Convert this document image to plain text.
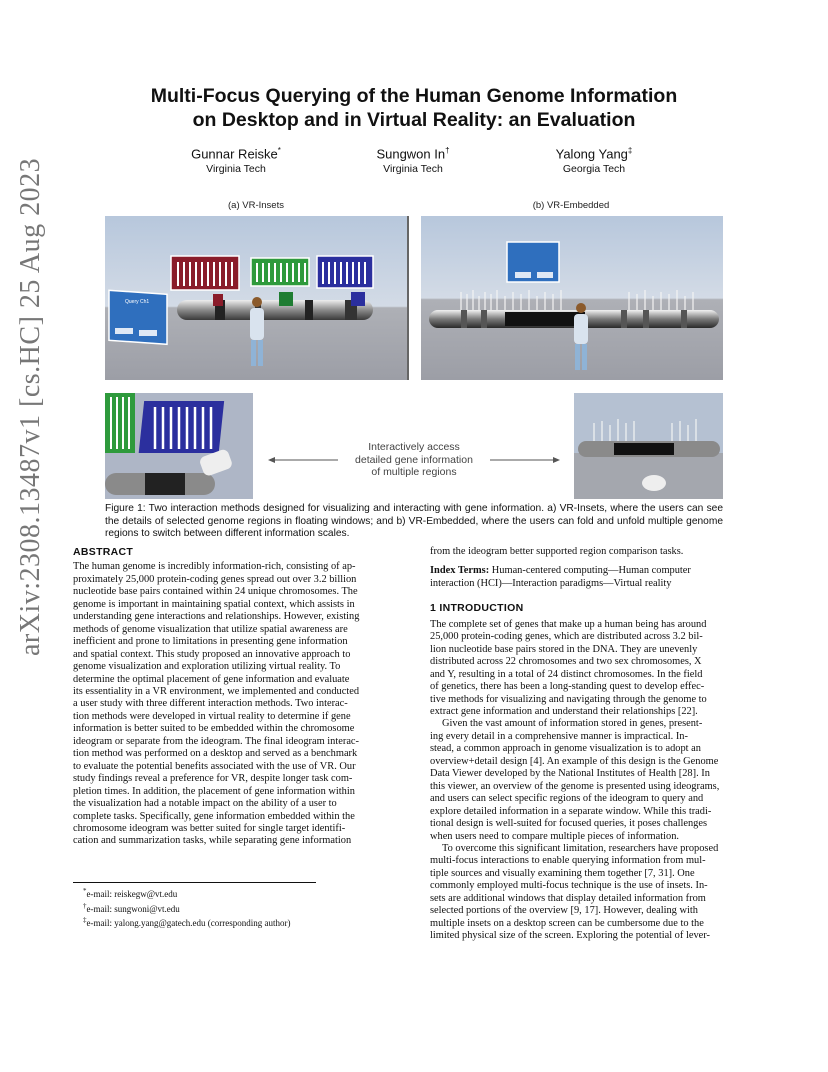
arXiv:2308.13487v1 [cs.HC] 25 Aug 2023
Multi-Focus Querying of the Human Genome Information
on Desktop and in Virtual Reality: an Evaluation
Gunnar Reiske*
Virginia Tech
Sungwon In†
Virginia Tech
Yalong Yang‡
Georgia Tech
(a) VR-Insets	(b) VR-Embedded
Query Ch1
Interactively access
detailed gene information
of multiple regions
Figure 1: Two interaction methods designed for visualizing and interacting with gene information. a) VR-Insets, where the users can see the details of selected genome regions in floating windows; and b) VR-Embedded, where the users can fold and unfold multiple genome regions to switch between different information scales.
ABSTRACT
The human genome is incredibly information-rich, consisting of ap-
proximately 25,000 protein-coding genes spread out over 3.2 billion
nucleotide base pairs contained within 24 unique chromosomes. The
genome is important in maintaining spatial context, which assists in
understanding gene interactions and relationships. However, existing
methods of genome visualization that utilize spatial awareness are
inefficient and prone to limitations in presenting gene information
and spatial context. This study proposed an innovative approach to
genome visualization and exploration utilizing virtual reality. To
determine the optimal placement of gene information and evaluate
its essentiality in a VR environment, we implemented and conducted
a user study with three different interaction methods. Two interac-
tion methods were developed in virtual reality to determine if gene
information is better suited to be embedded within the chromosome
ideogram or separate from the ideogram. The final ideogram interac-
tion method was performed on a desktop and served as a benchmark
to evaluate the potential benefits associated with the use of VR. Our
study findings reveal a preference for VR, despite longer task com-
pletion times. In addition, the placement of gene information within
the visualization had a notable impact on the ability of a user to
complete tasks. Specifically, gene information embedded within the
chromosome ideogram was better suited for single target identifi-
cation and summarization tasks, while separating gene information
*e-mail: reiskegw@vt.edu
†e-mail: sungwoni@vt.edu
‡e-mail: yalong.yang@gatech.edu (corresponding author)
from the ideogram better supported region comparison tasks.
Index Terms: Human-centered computing—Human computer
interaction (HCI)—Interaction paradigms—Virtual reality
1 INTRODUCTION
The complete set of genes that make up a human being has around
25,000 protein-coding genes, which are distributed across 3.2 bil-
lion nucleotide base pairs stored in the DNA. They are unevenly
distributed across 22 chromosomes and two sex chromosomes, X
and Y, resulting in a total of 24 distinct chromosomes. In the field
of genetics, there has been a long-standing quest to develop effec-
tive methods for visualizing and navigating through the genome to
extract gene information and understand their relationships [22].
Given the vast amount of information stored in genes, present-
ing every detail in a comprehensive manner is impractical. In-
stead, a common approach in genome visualization is to adopt an
overview+detail design [4]. An example of this design is the Genome
Data Viewer developed by the National Institutes of Health [28]. In
this viewer, an overview of the genome is presented using ideograms,
and users can select specific regions of the ideogram to query and
explore detailed information in a separate window. While this tradi-
tional design is well-suited for focused queries, it poses challenges
when users need to compare multiple pieces of information.
To overcome this significant limitation, researchers have proposed
multi-focus interactions to enable querying information from mul-
tiple sources and visually examining them together [7, 31]. One
commonly employed multi-focus technique is the use of insets. In-
sets are additional windows that display detailed information from
selected portions of the overview [9, 17]. However, dealing with
multiple insets on a desktop screen can be cumbersome due to the
limited physical size of the screen. Exploring the potential of lever-
